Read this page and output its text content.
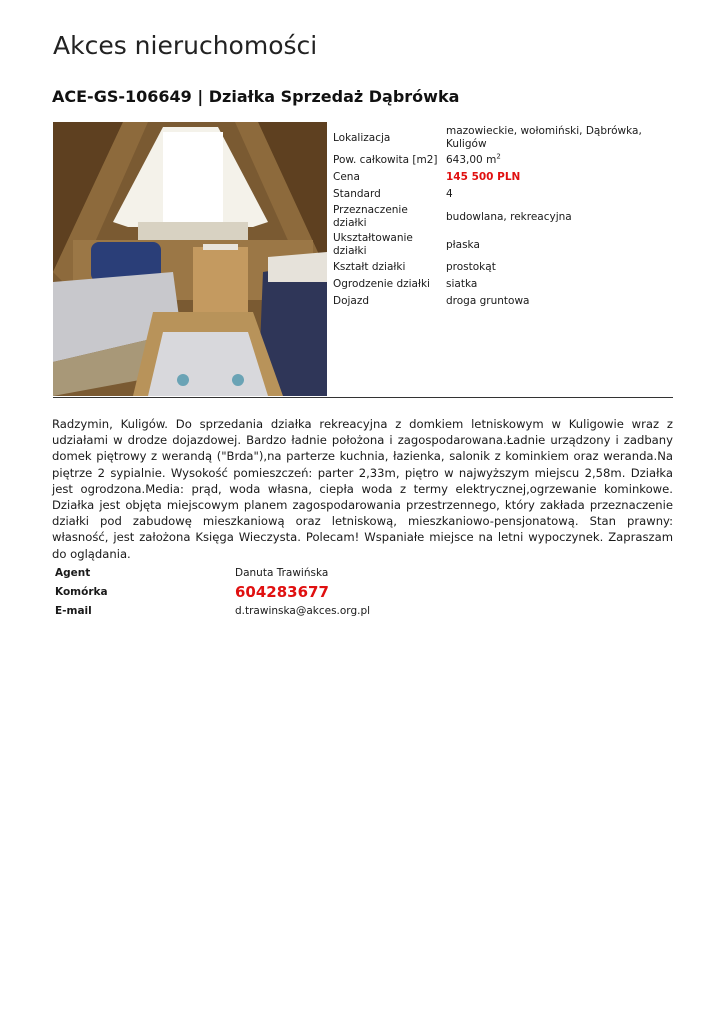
Akces nieruchomości
ACE-GS-106649 | Działka Sprzedaż Dąbrówka
Lokalizacja	mazowieckie, wołomiński, Dąbrówka,
Kuligów
Pow. całkowita [m2]	643,00 $m^2$
Cena	145 500 PLN
Standard	4
Przeznaczenie działki	budowlana, rekreacyjna
Ukształtowanie działki	płaska
Kształt działki	prostokąt
Ogrodzenie działki	siatka
Dojazd	droga gruntowa
Radzymin, Kuligów. Do sprzedania działka rekreacyjna z domkiem letniskowym w Kuligowie wraz z udziałami w drodze dojazdowej. Bardzo ładnie położona i zagospodarowana.Ładnie urządzony i zadbany domek piętrowy z werandą ("Brda"),na parterze kuchnia, łazienka, salonik z kominkiem oraz weranda.Na piętrze 2 sypialnie. Wysokość pomieszczeń: parter 2,33m, piętro w najwyższym miejscu 2,58m. Działka jest ogrodzona.Media: prąd, woda własna, ciepła woda z termy elektrycznej,ogrzewanie kominkowe. Działka jest objęta miejscowym planem zagospodarowania przestrzennego, który zakłada przeznaczenie działki pod zabudowę mieszkaniową oraz letniskową, mieszkaniowo-pensjonatową. Stan prawny: własność, jest założona Księga Wieczysta. Polecam! Wspaniałe miejsce na letni wypoczynek. Zapraszam do oglądania.
Agent	Danuta Trawińska
Komórka	604283677
E-mail	d.trawinska@akces.org.pl
